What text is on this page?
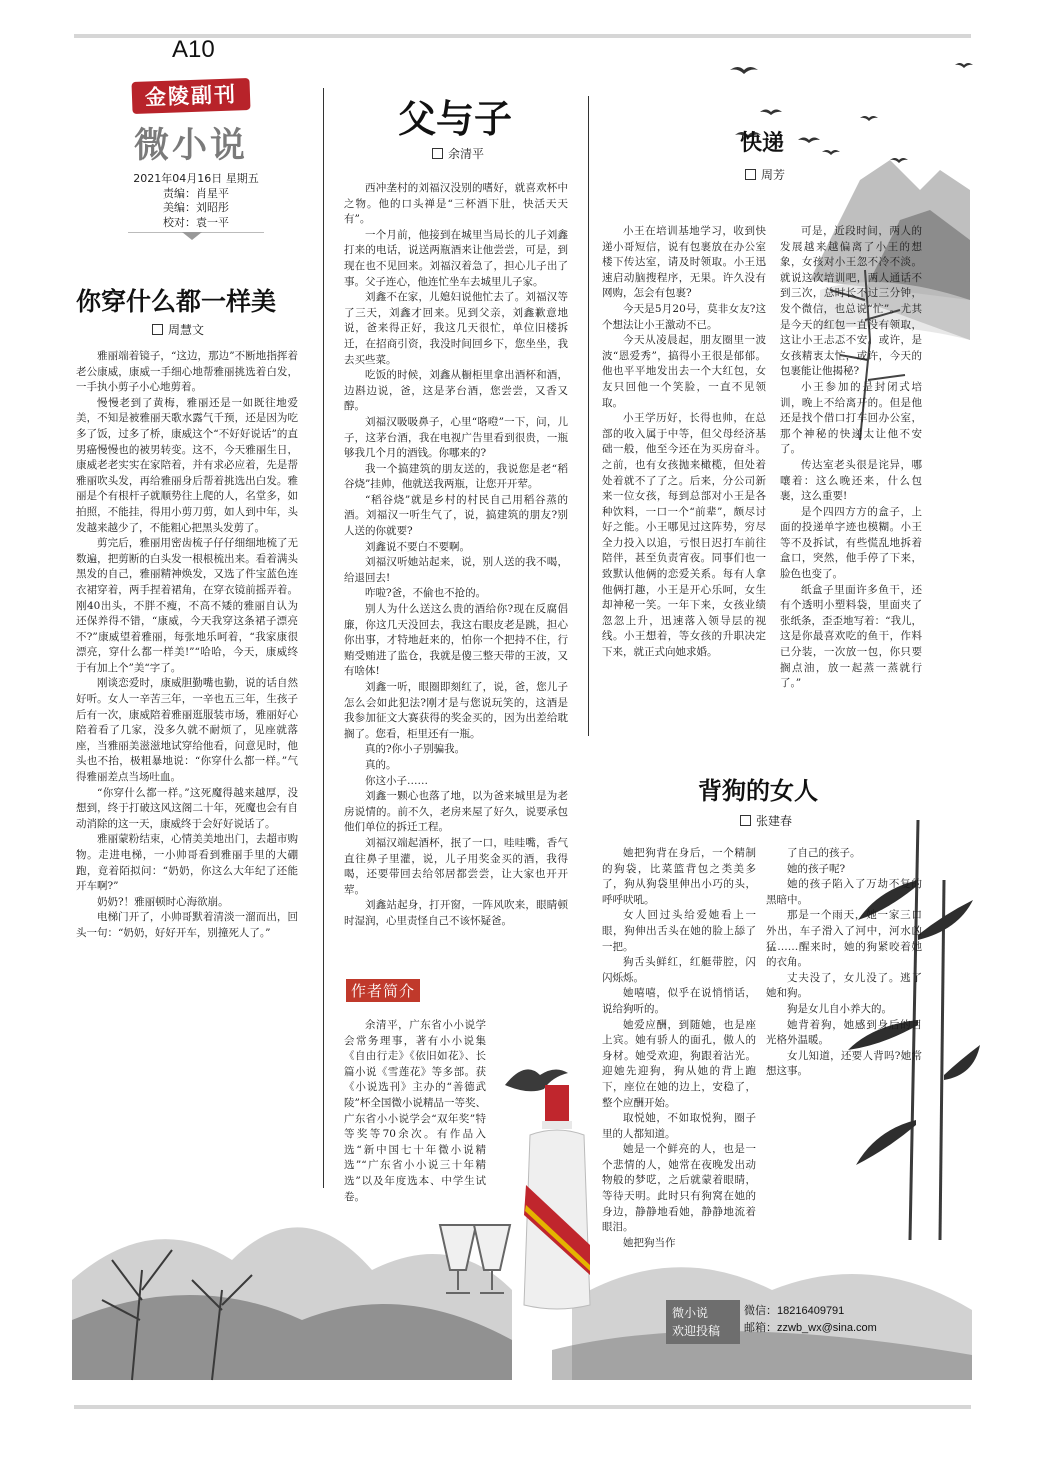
A10
金陵副刊
微小说
2021年04月16日 星期五
责编：肖星平
美编：刘昭彤
校对：袁一平
你穿什么都一样美
周慧文

雅丽端着镜子，“这边，那边”不断地指挥着老公康威，康威一手细心地帮雅丽挑选着白发，一手执小剪子小心地剪着。

慢慢老到了黄梅，雅丽还是一如既往地爱美，不知是被雅丽天歌水露气千预，还是因为吃多了饭，过多了桥，康威这个“不好好说话”的直男癌慢慢也的被男转变。这不，今天雅丽生日，康威老老实实在家陪着，并有求必应着，先是帮雅丽吹头发，再给雅丽身后帮着挑选出白发。雅丽是个有根杆子就顺势往上爬的人，名堂多，如拍照，不能挂，得用小剪刀剪，如人到中年，头发越来越少了，不能粗心把黑头发剪了。

剪完后，雅丽用密齿梳子仔仔细细地梳了无数遍，把剪断的白头发一根根梳出来。看着满头黑发的自己，雅丽精神焕发，又选了件宝蓝色连衣裙穿着，两手捏着裙角，在穿衣镜前摇弄着。刚40出头，不胖不瘦，不高不矮的雅丽自认为还保养得不错，“康威，今天我穿这条裙子漂亮不?”康威望着雅丽，每张地乐呵着，“我家康很漂亮，穿什么都一样美!”“哈哈，今天，康威终于有加上个”美“字了。

刚谈恋爱时，康威胆勤嘴也勤，说的话自然好听。女人一辛苦三年，一辛也五三年，生孩子后有一次，康威陪着雅丽逛服装市场，雅丽好心陪着看了几家，没多久就不耐烦了，见座就落座，当雅丽美滋滋地试穿给他看，问意见时，他头也不抬，极粗暴地说：“你穿什么都一样。”气得雅丽差点当场吐血。

“你穿什么都一样。”这死魔得越来越厚，没想到，终于打破这风这阁二十年，死魔也会有自动消除的这一天，康威终于会好好说话了。

雅丽蒙粉结束，心情美美地出门，去超市购物。走进电梯，一小帅哥看到雅丽手里的大硼跑，竟着陌拟问：“奶奶，你这么大年纪了还能开车啊?”

奶奶?！雅丽顿时心海欲崩。

电梯门开了，小帅哥默着清淡一溜而出，回头一句：“奶奶，好好开车，别撞死人了。”

父与子
余清平

西冲垄村的刘福汉没别的嗜好，就喜欢杯中之物。他的口头禅是“三杯酒下肚，快活天天有”。

一个月前，他接到在城里当局长的儿子刘鑫打来的电话，说送两瓶酒来让他尝尝，可是，到现在也不见回来。刘福汉着急了，担心儿子出了事。父子连心，他连忙坐车去城里儿子家。

刘鑫不在家，儿媳妇说他忙去了。刘福汉等了三天，刘鑫才回来。见到父亲，刘鑫歉意地说，爸来得正好，我这几天很忙，单位旧楼拆迁，在招商引资，我没时间回乡下，您坐坐，我去买些菜。

吃饭的时候，刘鑫从橱柜里拿出酒杯和酒，边斟边说，爸，这是茅台酒，您尝尝，又香又醇。

刘福汉吸吸鼻子，心里“咯噔”一下，问，儿子，这茅台酒，我在电视广告里看到很贵，一瓶够我几个月的酒钱。你哪来的?

我一个搞建筑的朋友送的，我说您是老“稻谷烧”挂帅，他就送我两瓶，让您开开荤。

“稻谷烧”就是乡村的村民自己用稻谷蒸的酒。刘福汉一听生气了，说，搞建筑的朋友?别人送的你就要?

刘鑫说不要白不要啊。

刘福汉听她站起来，说，别人送的我不喝，给退回去!

咋啦?爸，不偷也不抢的。

别人为什么送这么贵的酒给你?现在反腐倡廉，你这几天没回去，我这右眼皮老是跳，担心你出事，才特地赶来的，怕你一个把持不住，行贿受贿进了监仓，我就是傻三整天带的王波，又有啥体!

刘鑫一听，眼圈即刻红了，说，爸，您儿子怎么会如此犯法?刚才是与您说玩笑的，这酒是我参加征文大赛获得的奖金买的，因为出差给耽搁了。您看，柜里还有一瓶。

真的?你小子别骗我。

真的。

你这小子……

刘鑫一颗心也落了地，以为爸来城里是为老房说情的。前不久，老房来屋了好久，说要承包他们单位的拆迁工程。

刘福汉端起酒杯，抿了一口，哇哇嘴，香气直往鼻子里灌，说，儿子用奖金买的酒，我得喝，还要带回去给邻居都尝尝，让大家也开开荤。

刘鑫站起身，打开窗，一阵风吹来，眼睛顿时湿润，心里责怪自己不该怀疑爸。

作者简介

余清平，广东省小小说学会常务理事，著有小小说集《自由行走》《依旧如花》、长篇小说《雪莲花》等多部。获《小说选刊》主办的“善德武陵”杯全国微小说精品一等奖、广东省小小说学会“双年奖”特等奖等70余次。有作品入选“新中国七十年微小说精选”“广东省小小说三十年精选”以及年度选本、中学生试卷。

快递
周芳

小王在培训基地学习，收到快递小哥短信，说有包裹放在办公室楼下传达室，请及时领取。小王迅速启动脑搜程序，无果。许久没有网购，怎会有包裹?

今天是5月20号，莫非女友?这个想法让小王激动不已。

今天从凌晨起，朋友圈里一波波“恩爱秀”，搞得小王很是郁郁。他也平平地发出去一个大红包，女友只回他一个笑脸，一直不见领取。

小王学历好，长得也帅，在总部的收入属于中等，但父母经济基础一般，他至今还在为买房奋斗。之前，也有女孩抛来橄榄，但处着处着就不了了之。后来，分公司新来一位女孩，每到总部对小王是各种饮料，一口一个“前辈”，颇尽讨好之能。小王哪见过这阵势，穷尽全力投入以追，亏恨日迟打车前往陪伴，甚至负责宵夜。同事们也一致默认他俩的恋爱关系。每有人拿他俩打趣，小王是开心乐呵，女生却神秘一笑。一年下来，女孩业绩忽忽上升，迅速落入领导层的视线。小王想着，等女孩的升职决定下来，就正式向她求婚。

可是，近段时间，两人的发展越来越偏离了小王的想象，女孩对小王忽不冷不淡。就说这次培训吧，两人通话不到三次，总时长不过三分钟，发个微信，也总说“忙”。尤其是今天的红包一直没有领取，这让小王忐忑不安。或许，是女孩精衷太忙，或许，今天的包裹能让他揭秘?

小王参加的是封闭式培训，晚上不给离开的。但是他还是找个借口打车回办公室，那个神秘的快递太让他不安了。

传达室老头很是诧异，哪嚷着：这么晚还来，什么包裹，这么重要!

是个四四方方的盒子，上面的投递单字迹也模糊。小王等不及拆试，有些慌乱地拆着盒口，突然，他手停了下来，脸色也变了。

纸盒子里面许多鱼干，还有个透明小塑料袋，里面夹了张纸条，歪歪地写着：“我儿，这是你最喜欢吃的鱼干，作料已分装，一次放一包，你只要搁点油，放一起蒸一蒸就行了。”

背狗的女人
张建春

她把狗背在身后，一个精制的狗袋，比菜篮背包之类美多了，狗从狗袋里伸出小巧的头，呼呼吠吼。

女人回过头给爱她看上一眼，狗伸出舌头在她的脸上舔了一把。

狗舌头鲜红，红艇带腔，闪闪烁烁。

她嘻嘻，似乎在说悄悄话，说给狗听的。

她爱应酬，到随她，也是座上宾。她有骄人的面孔，傲人的身材。她受欢迎，狗跟着沾光。迎她先迎狗，狗从她的背上跑下，座位在她的边上，安稳了，整个应酬开始。

取悦她，不如取悦狗，圈子里的人都知道。

她是一个鲜亮的人，也是一个悲情的人，她常在夜晚发出动物般的梦呓，之后就蒙着眼睛，等待天明。此时只有狗窝在她的身边，静静地看她，静静地流着眼泪。

她把狗当作

了自己的孩子。

她的孩子呢?

她的孩子陷入了万劫不复的黑暗中。

那是一个雨天，她一家三口外出，车子滑入了河中，河水凶猛……醒来时，她的狗紧咬着她的衣角。

丈夫没了，女儿没了。逃了她和狗。

狗是女儿自小养大的。

她背着狗，她感到身后的目光格外温暖。

女儿知道，还要人背吗?她常想这事。

微小说
欢迎投稿
微信：18216409791
邮箱：zzwb_wx@sina.com
